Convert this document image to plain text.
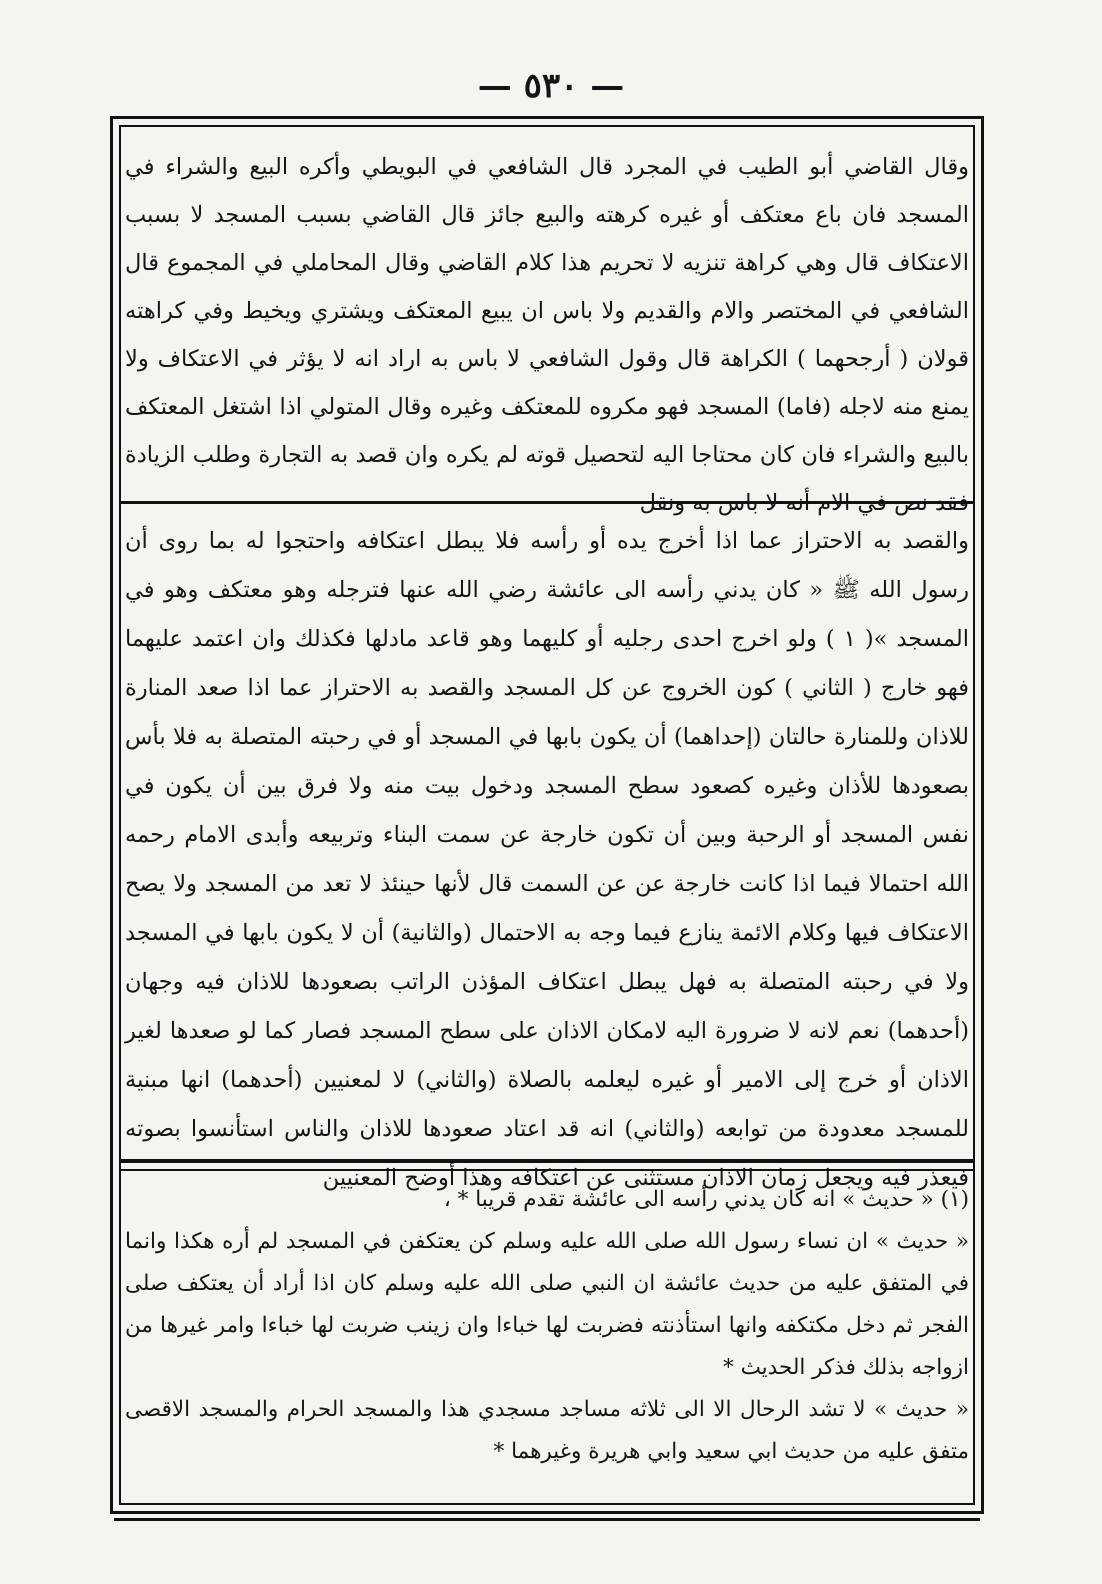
— ٥٣٠ —

وقال القاضي أبو الطيب في المجرد قال الشافعي في البويطي وأكره البيع والشراء في المسجد فان باع معتكف أو غيره كرهته والبيع جائز قال القاضي بسبب المسجد لا بسبب الاعتكاف قال وهي كراهة تنزيه لا تحريم هذا كلام القاضي وقال المحاملي في المجموع قال الشافعي في المختصر والام والقديم ولا باس ان يبيع المعتكف ويشتري ويخيط وفي كراهته قولان ( أرجحهما ) الكراهة قال وقول الشافعي لا باس به اراد انه لا يؤثر في الاعتكاف ولا يمنع منه لاجله (فاما) المسجد فهو مكروه للمعتكف وغيره وقال المتولي اذا اشتغل المعتكف بالبيع والشراء فان كان محتاجا اليه لتحصيل قوته لم يكره وان قصد به التجارة وطلب الزيادة فقد نص في الام أنه لا باس به ونقل

والقصد به الاحتراز عما اذا أخرج يده أو رأسه فلا يبطل اعتكافه واحتجوا له بما روى أن رسول الله ﷺ « كان يدني رأسه الى عائشة رضي الله عنها فترجله وهو معتكف وهو في المسجد »( ١ ) ولو اخرج احدى رجليه أو كليهما وهو قاعد مادلها فكذلك وان اعتمد عليهما فهو خارج ( الثاني ) كون الخروج عن كل المسجد والقصد به الاحتراز عما اذا صعد المنارة للاذان وللمنارة حالتان (إحداهما) أن يكون بابها في المسجد أو في رحبته المتصلة به فلا بأس بصعودها للأذان وغيره كصعود سطح المسجد ودخول بيت منه ولا فرق بين أن يكون في نفس المسجد أو الرحبة وبين أن تكون خارجة عن سمت البناء وتربيعه وأبدى الامام رحمه الله احتمالا فيما اذا كانت خارجة عن عن السمت قال لأنها حينئذ لا تعد من المسجد ولا يصح الاعتكاف فيها وكلام الائمة ينازع فيما وجه به الاحتمال (والثانية) أن لا يكون بابها في المسجد ولا في رحبته المتصلة به فهل يبطل اعتكاف المؤذن الراتب بصعودها للاذان فيه وجهان (أحدهما) نعم لانه لا ضرورة اليه لامكان الاذان على سطح المسجد فصار كما لو صعدها لغير الاذان أو خرج إلى الامير أو غيره ليعلمه بالصلاة (والثاني) لا لمعنيين (أحدهما) انها مبنية للمسجد معدودة من توابعه (والثاني) انه قد اعتاد صعودها للاذان والناس استأنسوا بصوته فيعذر فيه ويجعل زمان الاذان مستثنى عن اعتكافه وهذا أوضح المعنيين

(١) « حديث » انه كان يدني رأسه الى عائشة تقدم قريبا * ،

« حديث » ان نساء رسول الله صلى الله عليه وسلم كن يعتكفن في المسجد لم أره هكذا وانما في المتفق عليه من حديث عائشة ان النبي صلى الله عليه وسلم كان اذا أراد أن يعتكف صلى الفجر ثم دخل مكتكفه وانها استأذنته فضربت لها خباءا وان زينب ضربت لها خباءا وامر غيرها من ازواجه بذلك فذكر الحديث *

« حديث » لا تشد الرحال الا الى ثلاثه مساجد مسجدي هذا والمسجد الحرام والمسجد الاقصى متفق عليه من حديث ابي سعيد وابي هريرة وغيرهما *
